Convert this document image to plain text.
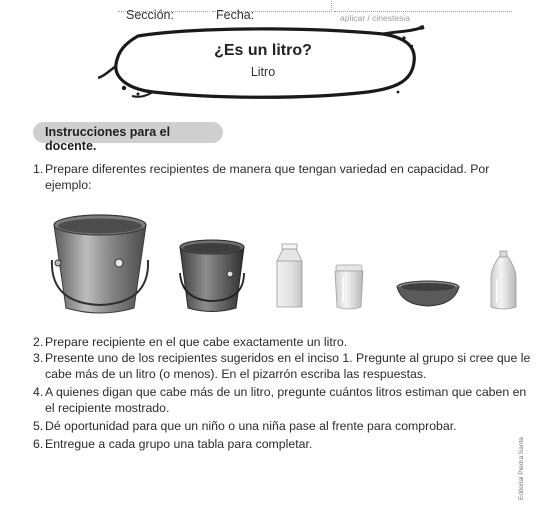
Sección:	Fecha:	aplicar / cinestesia
¿Es un litro?
Litro
Instrucciones para el docente.
1. Prepare diferentes recipientes de manera que tengan variedad en capacidad. Por ejemplo:
2. Prepare recipiente en el que cabe exactamente un litro.
3. Presente uno de los recipientes sugeridos en el inciso 1. Pregunte al grupo si cree que le cabe más de un litro (o menos). En el pizarrón escriba las respuestas.
4. A quienes digan que cabe más de un litro, pregunte cuántos litros estiman que caben en el recipiente mostrado.
5. Dé oportunidad para que un niño o una niña pase al frente para comprobar.
6. Entregue a cada grupo una tabla para completar.	Editorial Piedra Santa
